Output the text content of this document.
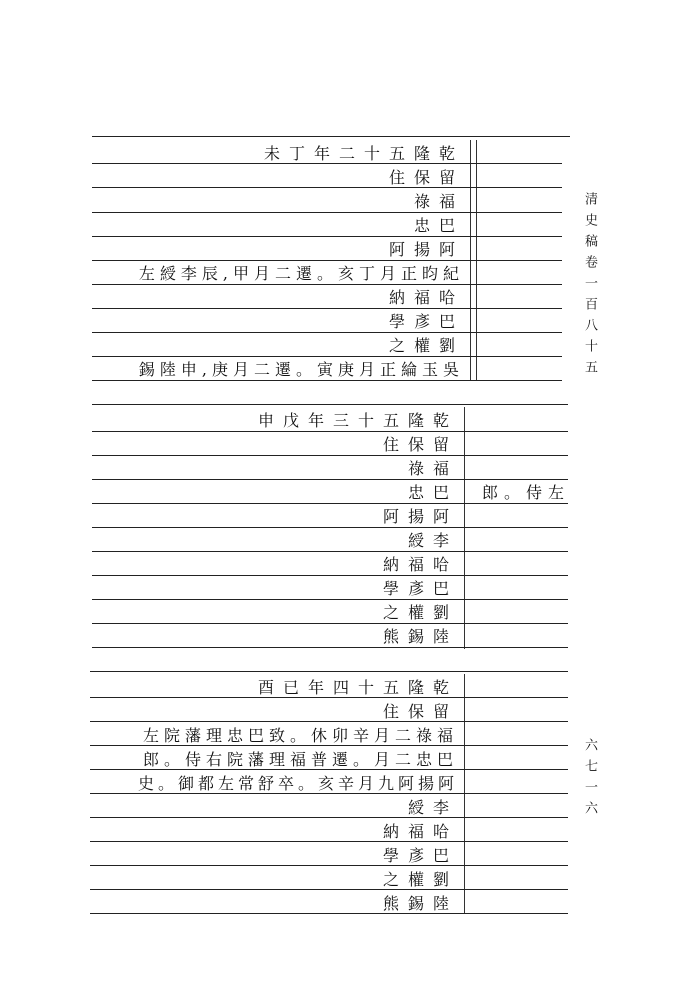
清史稿卷一百八十五
六七一六
未丁年二十五隆乾
住保留
祿福
忠巴
阿揚阿
左綬李辰,甲月二遷。亥丁月正昀紀
納福哈
學彥巴
之權劉
錫陸申,庚月二遷。寅庚月正綸玉吳
申戊年三十五隆乾
住保留
祿福
忠巴 郎。侍左
阿揚阿
綬李
納福哈
學彥巴
之權劉
熊錫陸
酉已年四十五隆乾
住保留
左院藩理忠巴致。休卯辛月二祿福
郎。侍右院藩理福普遷。月二忠巴
史。御都左常舒卒。亥辛月九阿揚阿
綬李
納福哈
學彥巴
之權劉
熊錫陸
